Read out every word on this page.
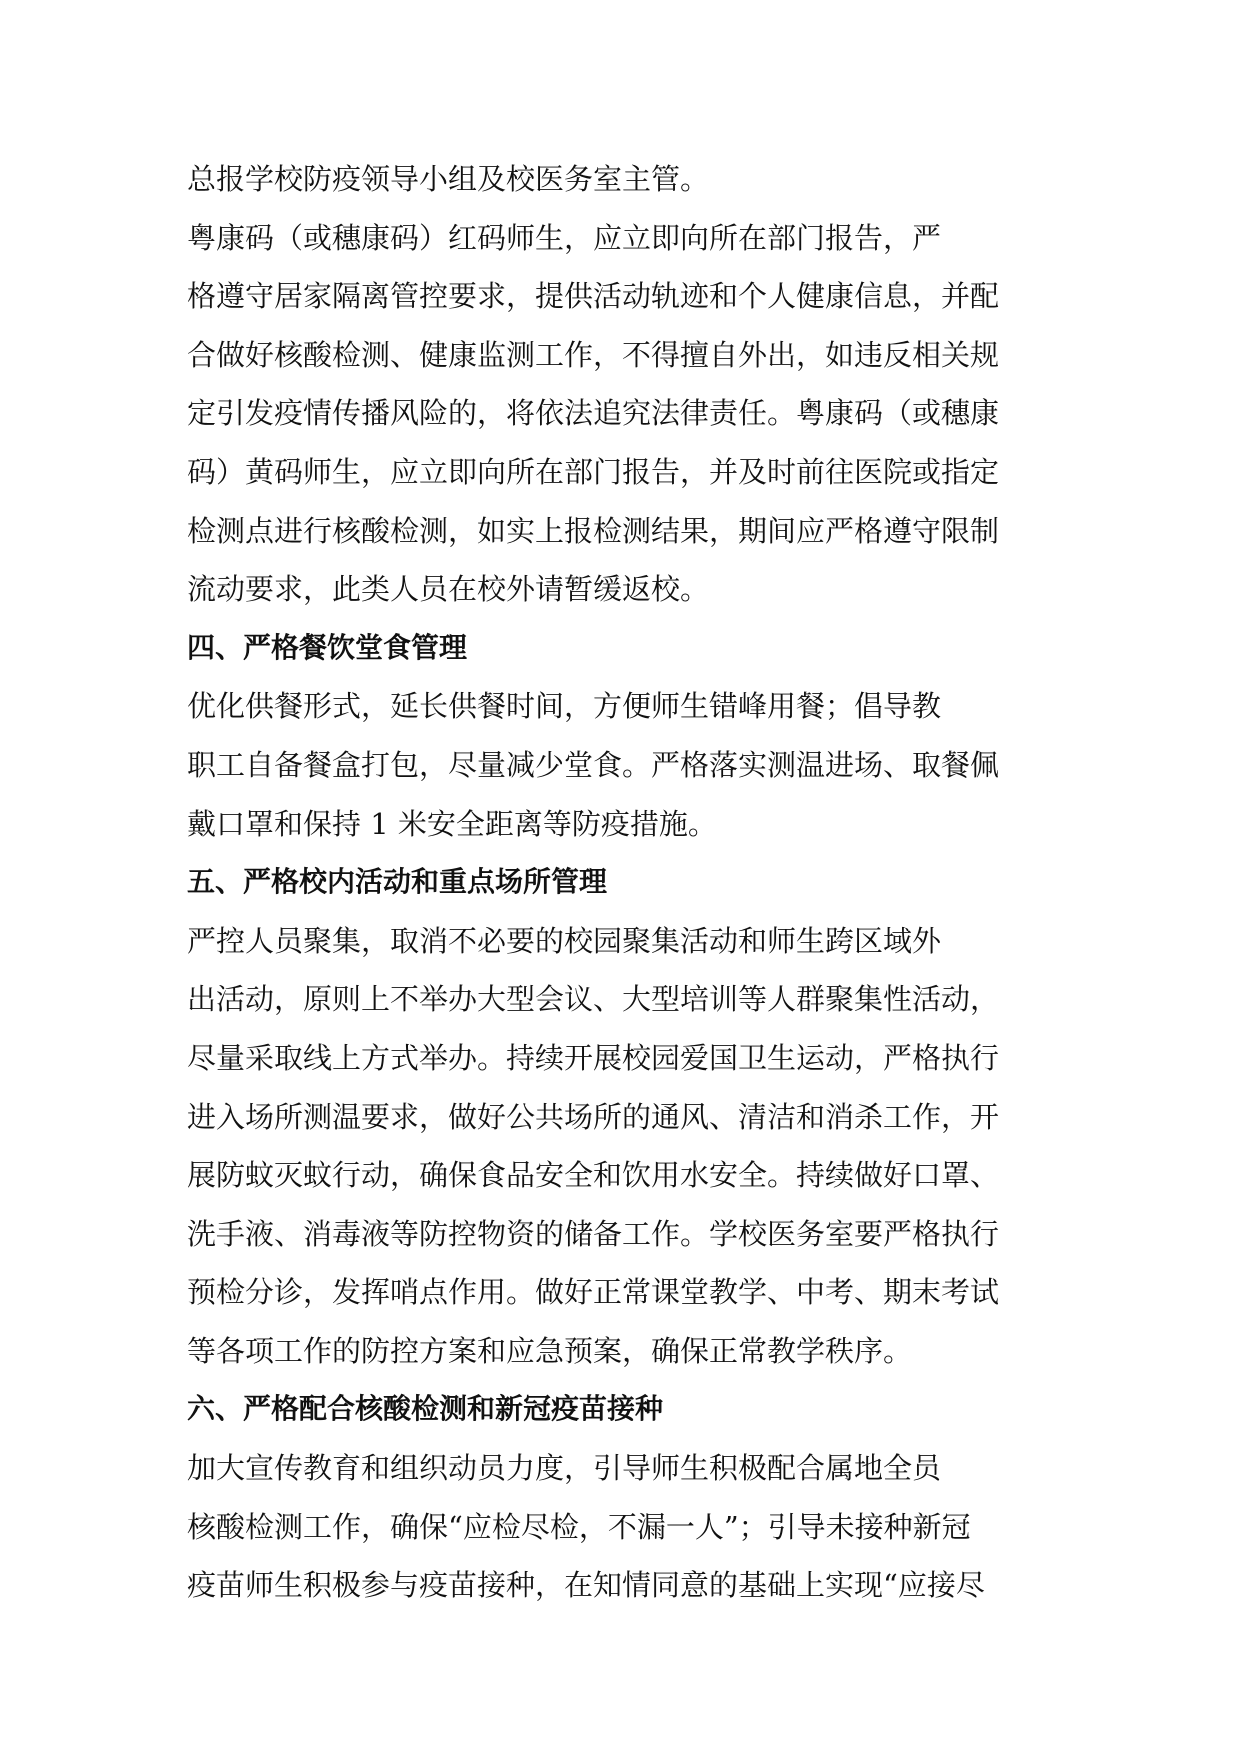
总报学校防疫领导小组及校医务室主管。
粤康码（或穗康码）红码师生，应立即向所在部门报告，严
格遵守居家隔离管控要求，提供活动轨迹和个人健康信息，并配
合做好核酸检测、健康监测工作，不得擅自外出，如违反相关规
定引发疫情传播风险的，将依法追究法律责任。粤康码（或穗康
码）黄码师生，应立即向所在部门报告，并及时前往医院或指定
检测点进行核酸检测，如实上报检测结果，期间应严格遵守限制
流动要求，此类人员在校外请暂缓返校。
四、严格餐饮堂食管理
优化供餐形式，延长供餐时间，方便师生错峰用餐；倡导教
职工自备餐盒打包，尽量减少堂食。严格落实测温进场、取餐佩
戴口罩和保持 1 米安全距离等防疫措施。
五、严格校内活动和重点场所管理
严控人员聚集，取消不必要的校园聚集活动和师生跨区域外
出活动，原则上不举办大型会议、大型培训等人群聚集性活动，
尽量采取线上方式举办。持续开展校园爱国卫生运动，严格执行
进入场所测温要求，做好公共场所的通风、清洁和消杀工作，开
展防蚊灭蚊行动，确保食品安全和饮用水安全。持续做好口罩、
洗手液、消毒液等防控物资的储备工作。学校医务室要严格执行
预检分诊，发挥哨点作用。做好正常课堂教学、中考、期末考试
等各项工作的防控方案和应急预案，确保正常教学秩序。
六、严格配合核酸检测和新冠疫苗接种
加大宣传教育和组织动员力度，引导师生积极配合属地全员
核酸检测工作，确保“应检尽检，不漏一人”；引导未接种新冠
疫苗师生积极参与疫苗接种，在知情同意的基础上实现“应接尽
